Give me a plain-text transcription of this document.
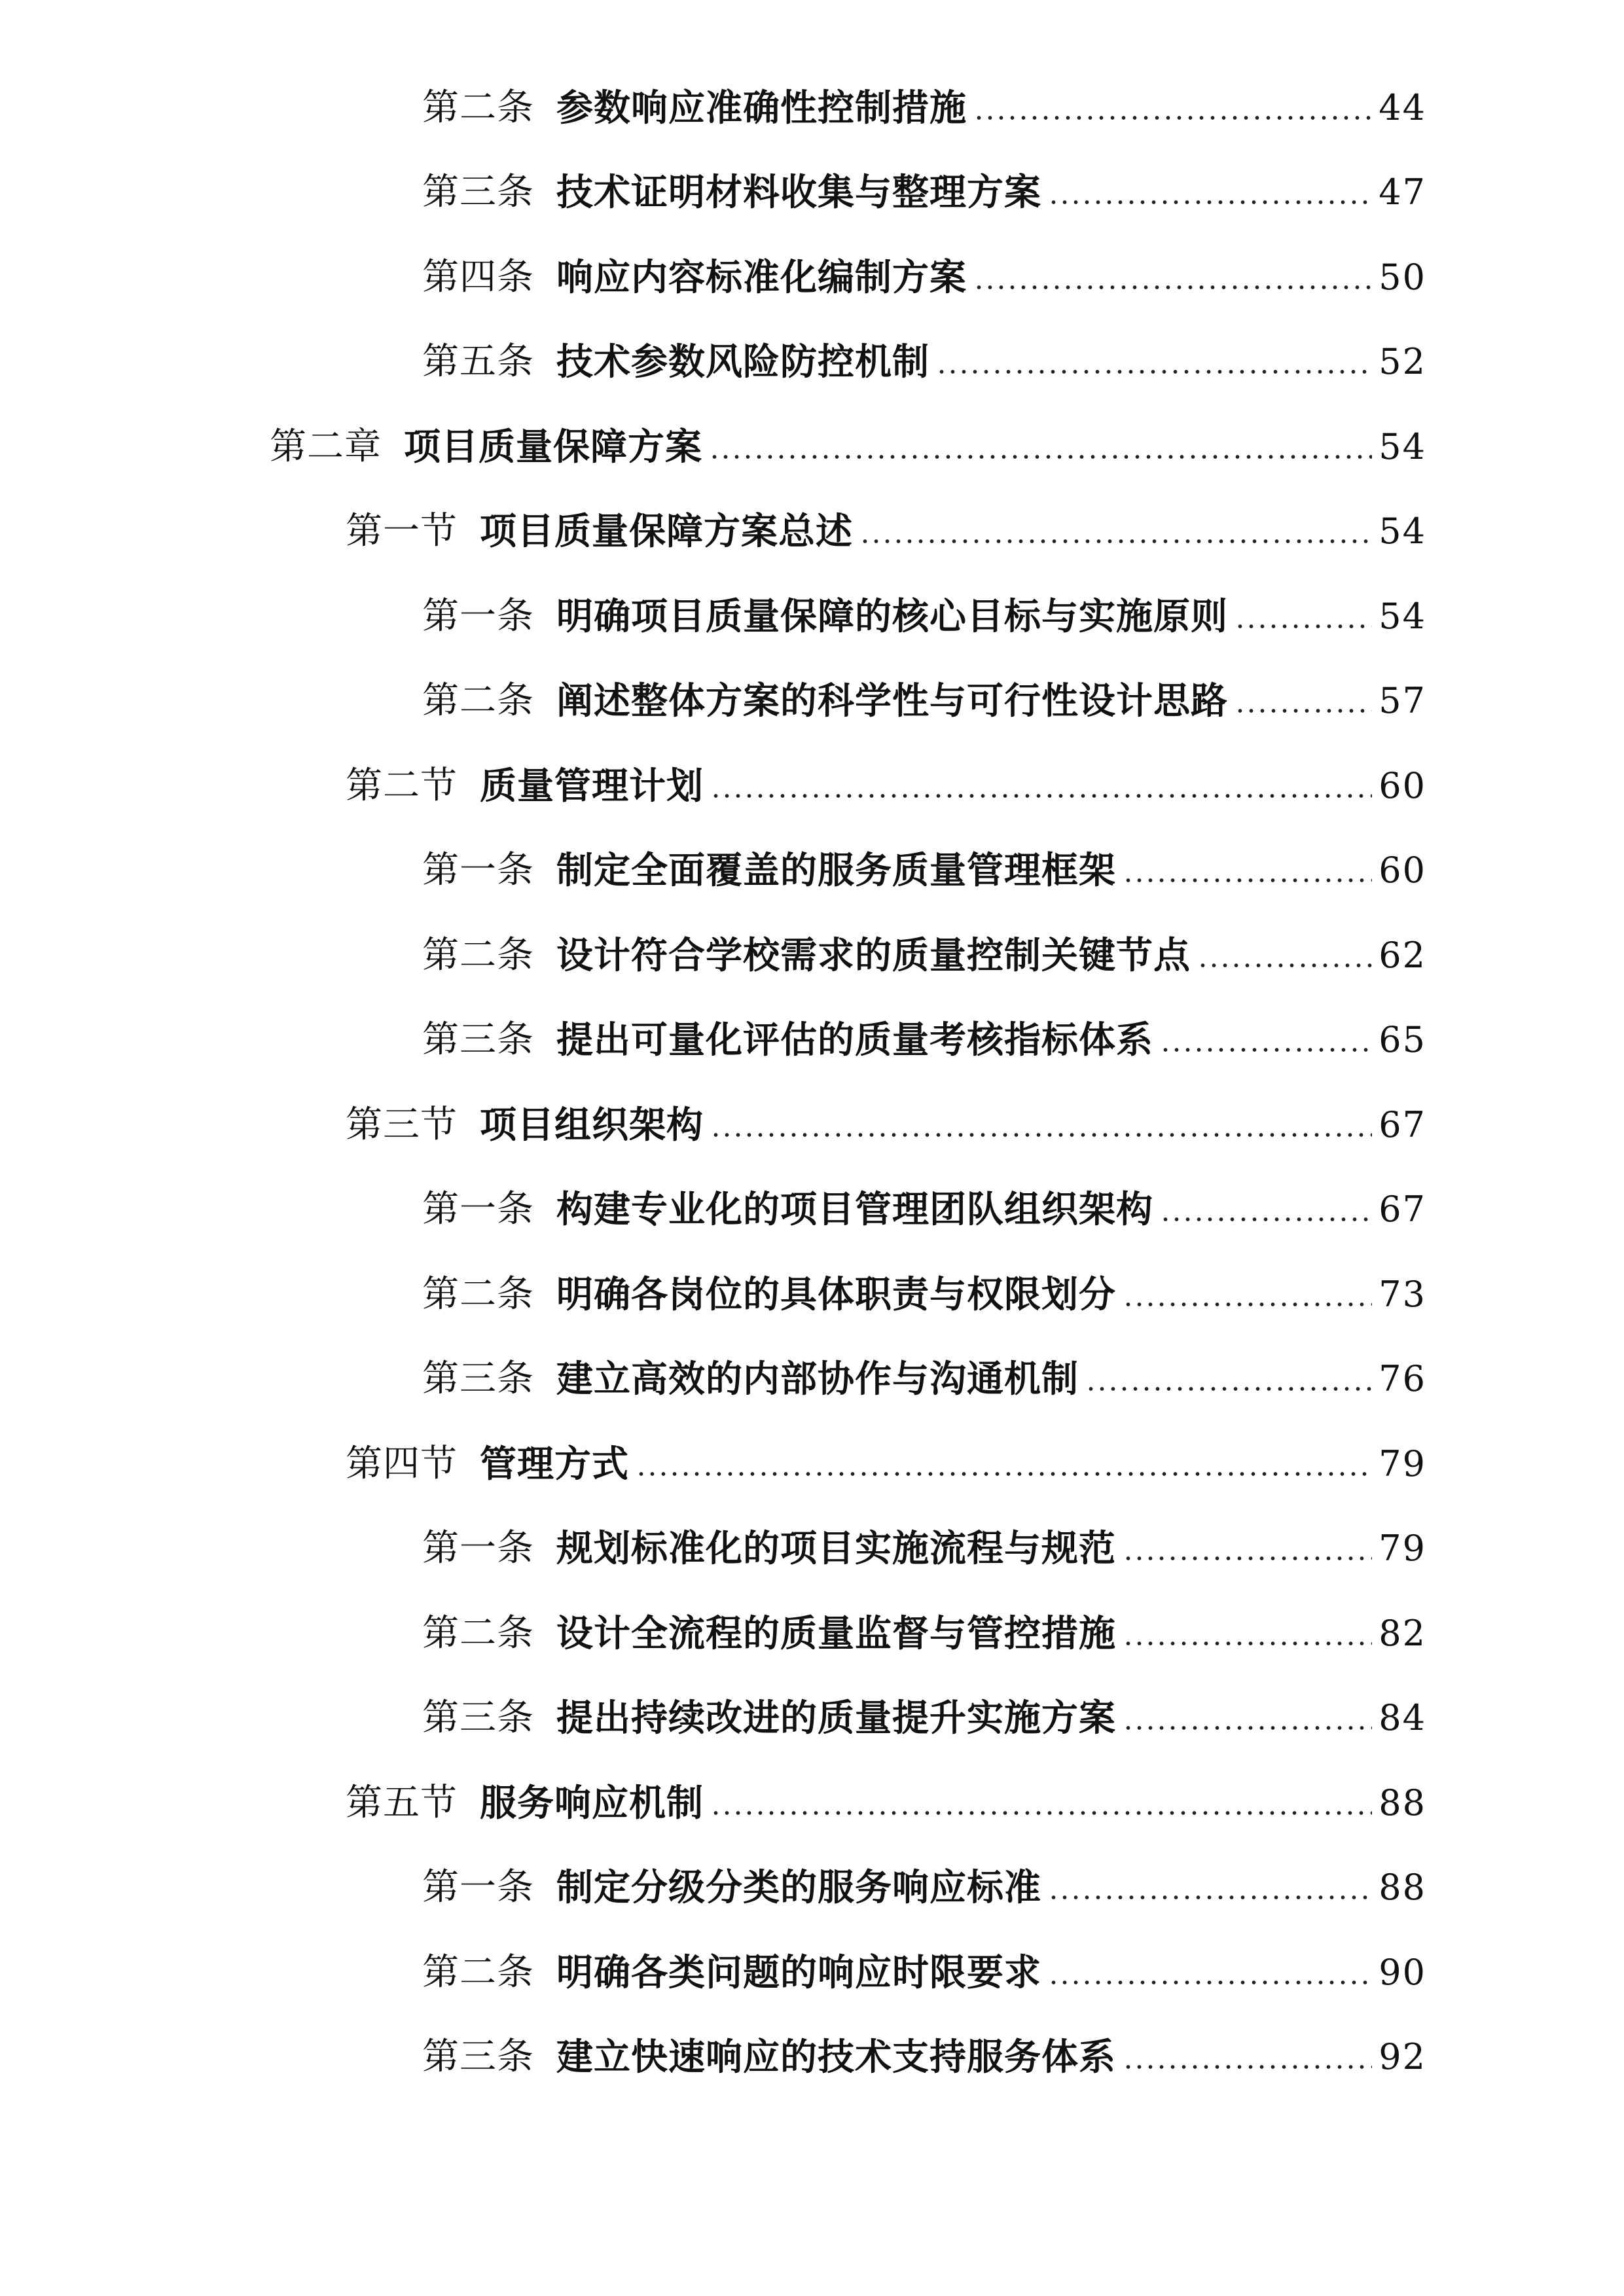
第二条 参数响应准确性控制措施	44
第三条 技术证明材料收集与整理方案	47
第四条 响应内容标准化编制方案	50
第五条 技术参数风险防控机制	52
第二章 项目质量保障方案	54
第一节 项目质量保障方案总述	54
第一条 明确项目质量保障的核心目标与实施原则	54
第二条 阐述整体方案的科学性与可行性设计思路	57
第二节 质量管理计划	60
第一条 制定全面覆盖的服务质量管理框架	60
第二条 设计符合学校需求的质量控制关键节点	62
第三条 提出可量化评估的质量考核指标体系	65
第三节 项目组织架构	67
第一条 构建专业化的项目管理团队组织架构	67
第二条 明确各岗位的具体职责与权限划分	73
第三条 建立高效的内部协作与沟通机制	76
第四节 管理方式	79
第一条 规划标准化的项目实施流程与规范	79
第二条 设计全流程的质量监督与管控措施	82
第三条 提出持续改进的质量提升实施方案	84
第五节 服务响应机制	88
第一条 制定分级分类的服务响应标准	88
第二条 明确各类问题的响应时限要求	90
第三条 建立快速响应的技术支持服务体系	92
